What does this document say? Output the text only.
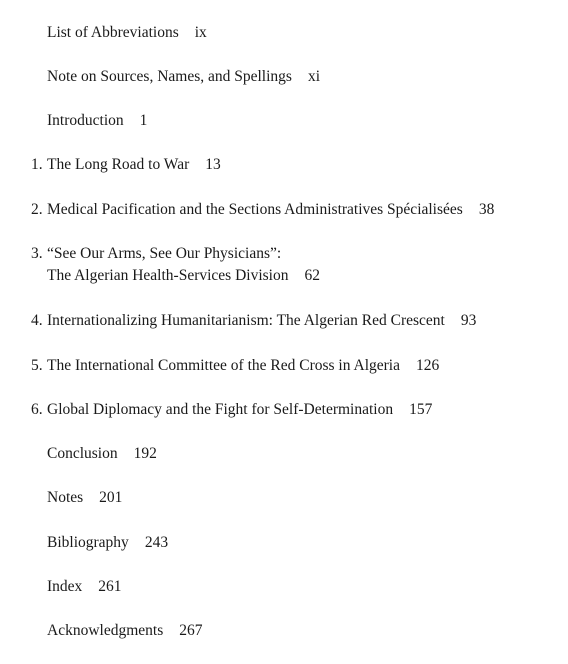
List of Abbreviations ix
Note on Sources, Names, and Spellings xi
Introduction 1
1. The Long Road to War 13
2. Medical Pacification and the Sections Administratives Spécialisées 38
3. “See Our Arms, See Our Physicians”:
The Algerian Health-Services Division 62
4. Internationalizing Humanitarianism: The Algerian Red Crescent 93
5. The International Committee of the Red Cross in Algeria 126
6. Global Diplomacy and the Fight for Self-Determination 157
Conclusion 192
Notes 201
Bibliography 243
Index 261
Acknowledgments 267
